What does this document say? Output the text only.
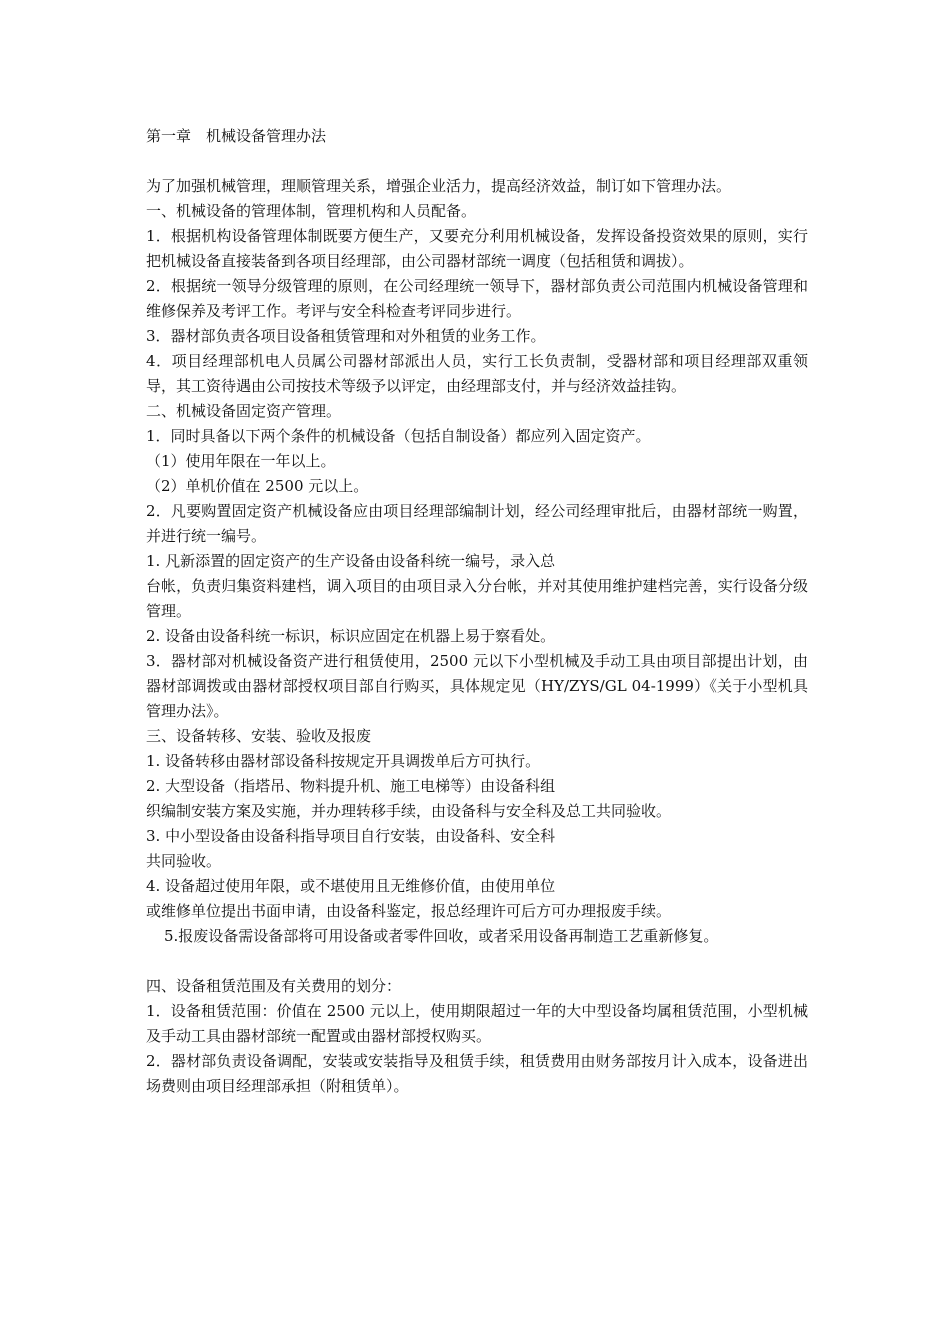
第一章　机械设备管理办法

为了加强机械管理，理顺管理关系，增强企业活力，提高经济效益，制订如下管理办法。

一、机械设备的管理体制，管理机构和人员配备。

1．根据机构设备管理体制既要方便生产，又要充分利用机械设备，发挥设备投资效果的原则，实行把机械设备直接装备到各项目经理部，由公司器材部统一调度（包括租赁和调拔）。

2．根据统一领导分级管理的原则，在公司经理统一领导下，器材部负责公司范围内机械设备管理和维修保养及考评工作。考评与安全科检查考评同步进行。

3．器材部负责各项目设备租赁管理和对外租赁的业务工作。

4．项目经理部机电人员属公司器材部派出人员，实行工长负责制，受器材部和项目经理部双重领导，其工资待遇由公司按技术等级予以评定，由经理部支付，并与经济效益挂钩。

二、机械设备固定资产管理。

1．同时具备以下两个条件的机械设备（包括自制设备）都应列入固定资产。

（1）使用年限在一年以上。

（2）单机价值在 2500 元以上。

2．凡要购置固定资产机械设备应由项目经理部编制计划，经公司经理审批后，由器材部统一购置，并进行统一编号。

1. 凡新添置的固定资产的生产设备由设备科统一编号，录入总

台帐，负责归集资料建档，调入项目的由项目录入分台帐，并对其使用维护建档完善，实行设备分级管理。

2. 设备由设备科统一标识，标识应固定在机器上易于察看处。

3．器材部对机械设备资产进行租赁使用，2500 元以下小型机械及手动工具由项目部提出计划，由器材部调拨或由器材部授权项目部自行购买，具体规定见（HY/ZYS/GL 04-1999）《关于小型机具管理办法》。

三、设备转移、安装、验收及报废

1. 设备转移由器材部设备科按规定开具调拨单后方可执行。

2. 大型设备（指塔吊、物料提升机、施工电梯等）由设备科组

织编制安装方案及实施，并办理转移手续，由设备科与安全科及总工共同验收。

3. 中小型设备由设备科指导项目自行安装，由设备科、安全科

共同验收。

4. 设备超过使用年限，或不堪使用且无维修价值，由使用单位

或维修单位提出书面申请，由设备科鉴定，报总经理许可后方可办理报废手续。

5.报废设备需设备部将可用设备或者零件回收，或者采用设备再制造工艺重新修复。

四、设备租赁范围及有关费用的划分：

1．设备租赁范围：价值在 2500 元以上，使用期限超过一年的大中型设备均属租赁范围，小型机械及手动工具由器材部统一配置或由器材部授权购买。

2．器材部负责设备调配，安装或安装指导及租赁手续，租赁费用由财务部按月计入成本，设备进出场费则由项目经理部承担（附租赁单）。
